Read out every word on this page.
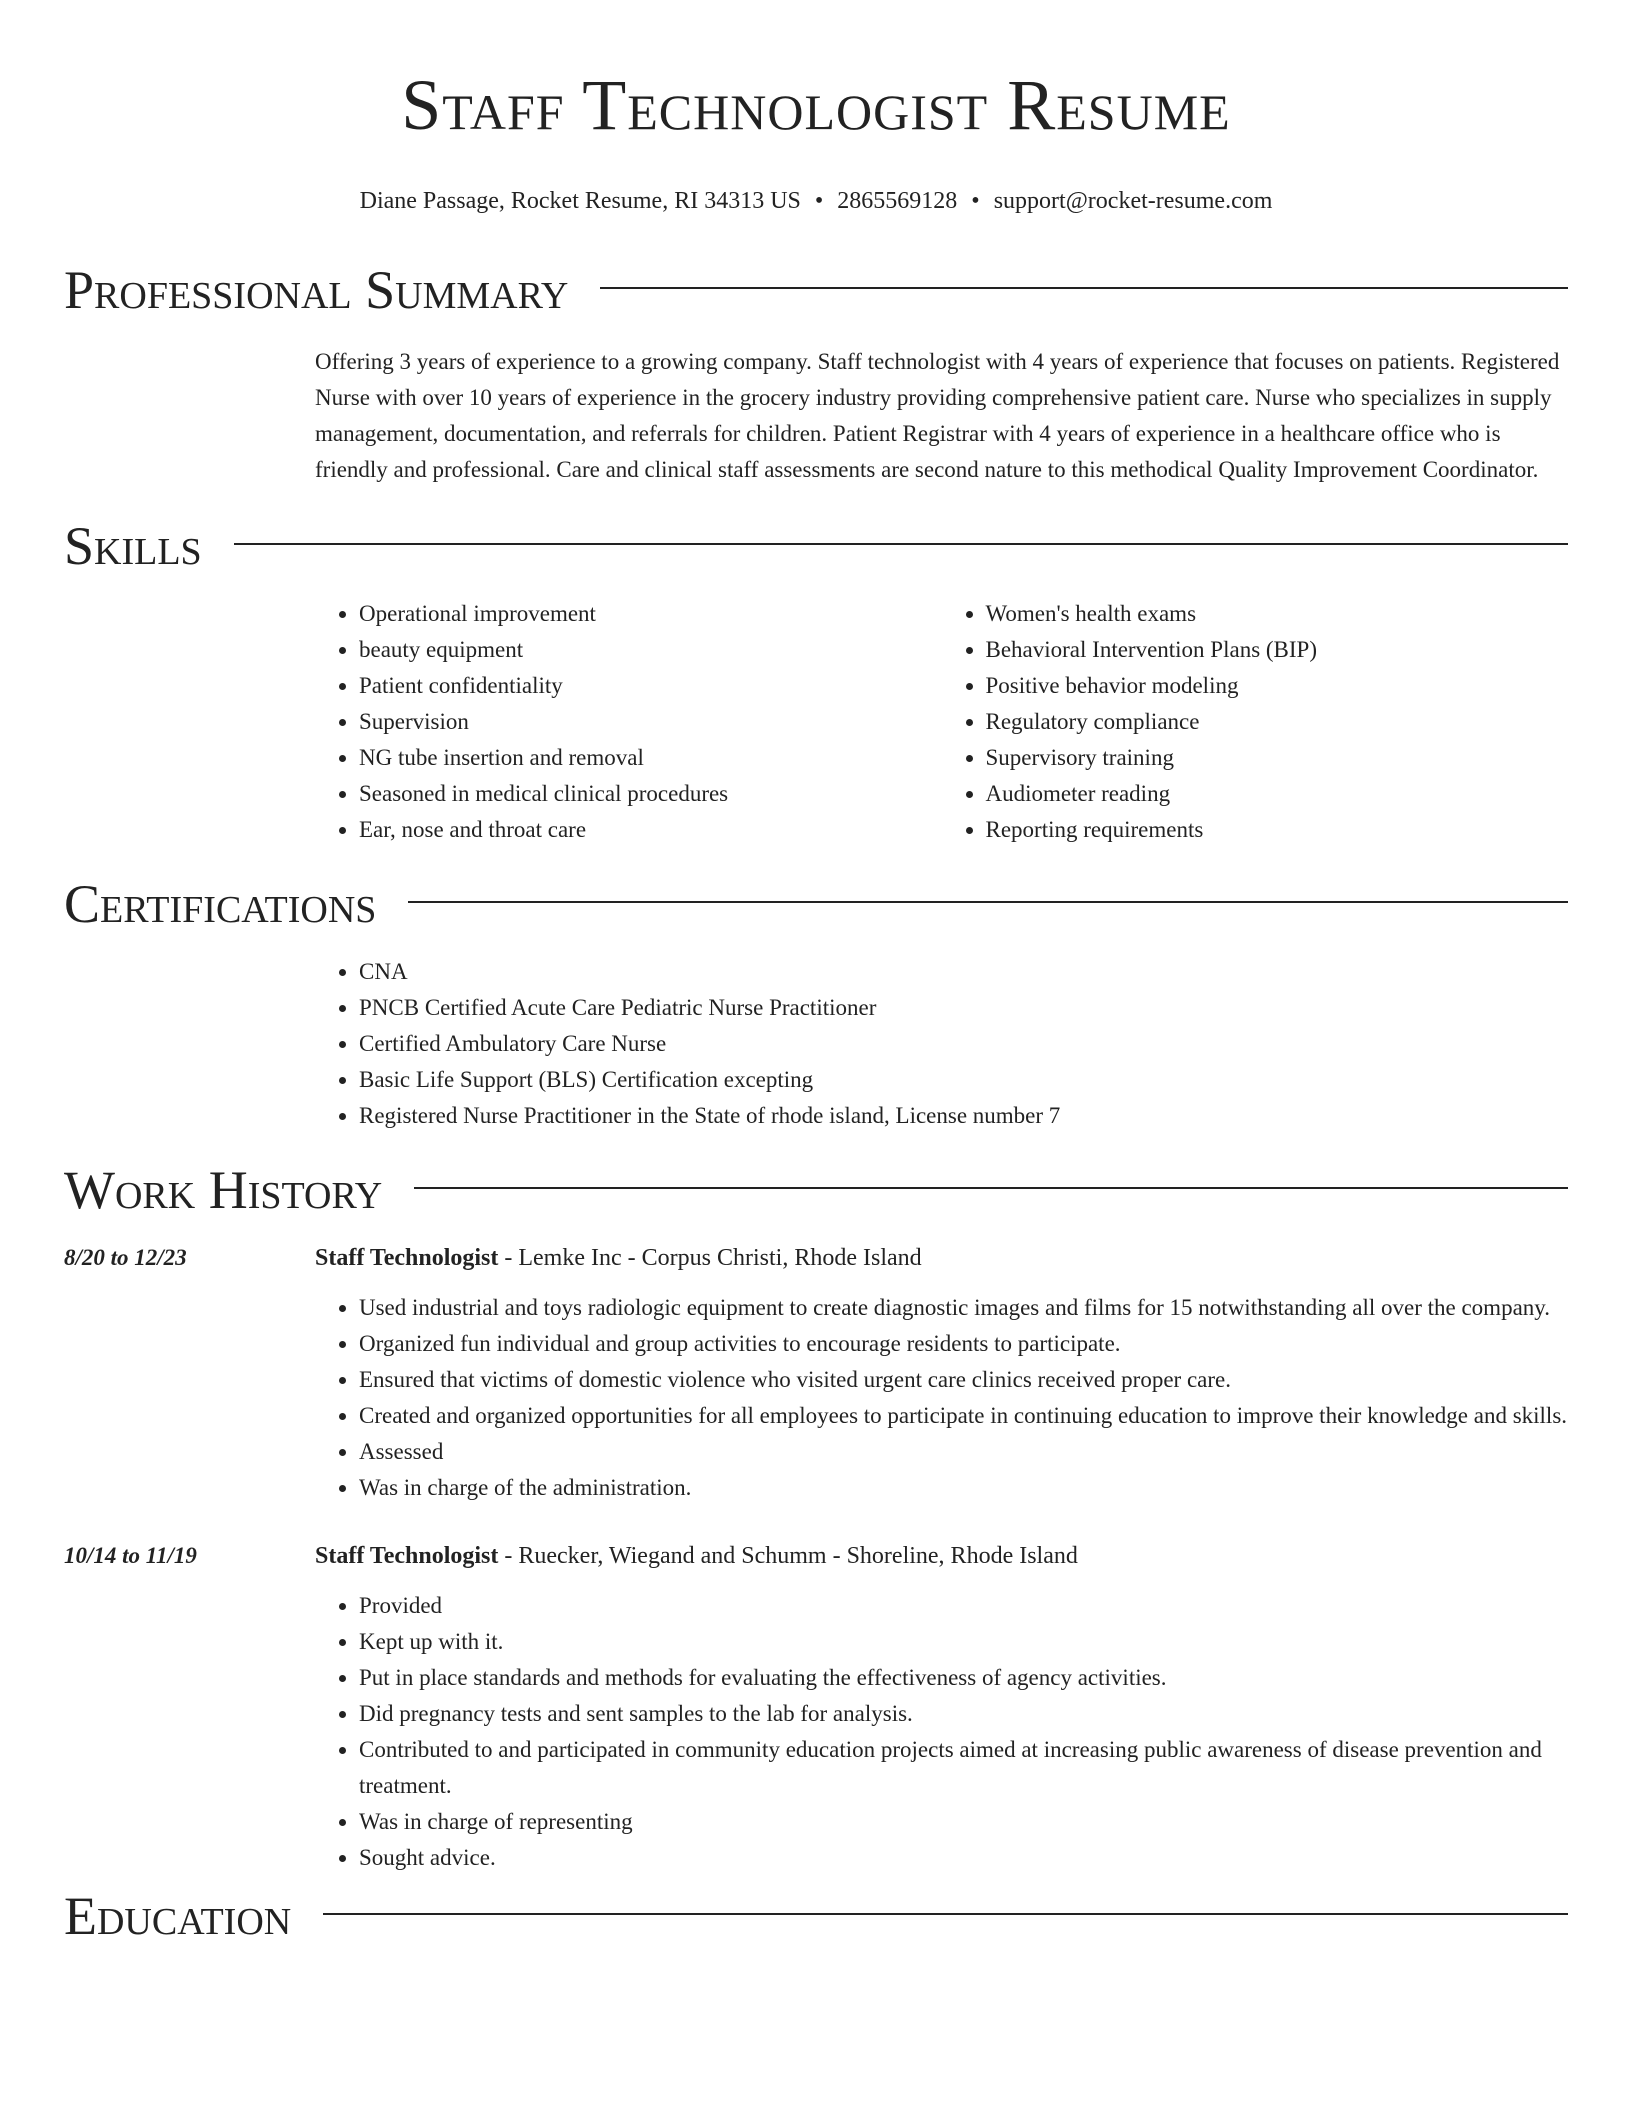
Staff Technologist Resume
Diane Passage, Rocket Resume, RI 34313 US • 2865569128 • support@rocket-resume.com
Professional Summary

Offering 3 years of experience to a growing company. Staff technologist with 4 years of experience that focuses on patients. Registered Nurse with over 10 years of experience in the grocery industry providing comprehensive patient care. Nurse who specializes in supply management, documentation, and referrals for children. Patient Registrar with 4 years of experience in a healthcare office who is friendly and professional. Care and clinical staff assessments are second nature to this methodical Quality Improvement Coordinator.

Skills
• Operational improvement
• beauty equipment
• Patient confidentiality
• Supervision
• NG tube insertion and removal
• Seasoned in medical clinical procedures
• Ear, nose and throat care
• Women's health exams
• Behavioral Intervention Plans (BIP)
• Positive behavior modeling
• Regulatory compliance
• Supervisory training
• Audiometer reading
• Reporting requirements
Certifications
• CNA
• PNCB Certified Acute Care Pediatric Nurse Practitioner
• Certified Ambulatory Care Nurse
• Basic Life Support (BLS) Certification excepting
• Registered Nurse Practitioner in the State of rhode island, License number 7
Work History
8/20 to 12/23	Staff Technologist - Lemke Inc - Corpus Christi, Rhode Island
• Used industrial and toys radiologic equipment to create diagnostic images and films for 15 notwithstanding all over the company.
• Organized fun individual and group activities to encourage residents to participate.
• Ensured that victims of domestic violence who visited urgent care clinics received proper care.
• Created and organized opportunities for all employees to participate in continuing education to improve their knowledge and skills.
• Assessed
• Was in charge of the administration.
10/14 to 11/19	Staff Technologist - Ruecker, Wiegand and Schumm - Shoreline, Rhode Island
• Provided
• Kept up with it.
• Put in place standards and methods for evaluating the effectiveness of agency activities.
• Did pregnancy tests and sent samples to the lab for analysis.
• Contributed to and participated in community education projects aimed at increasing public awareness of disease prevention and treatment.
• Was in charge of representing
• Sought advice.
Education
